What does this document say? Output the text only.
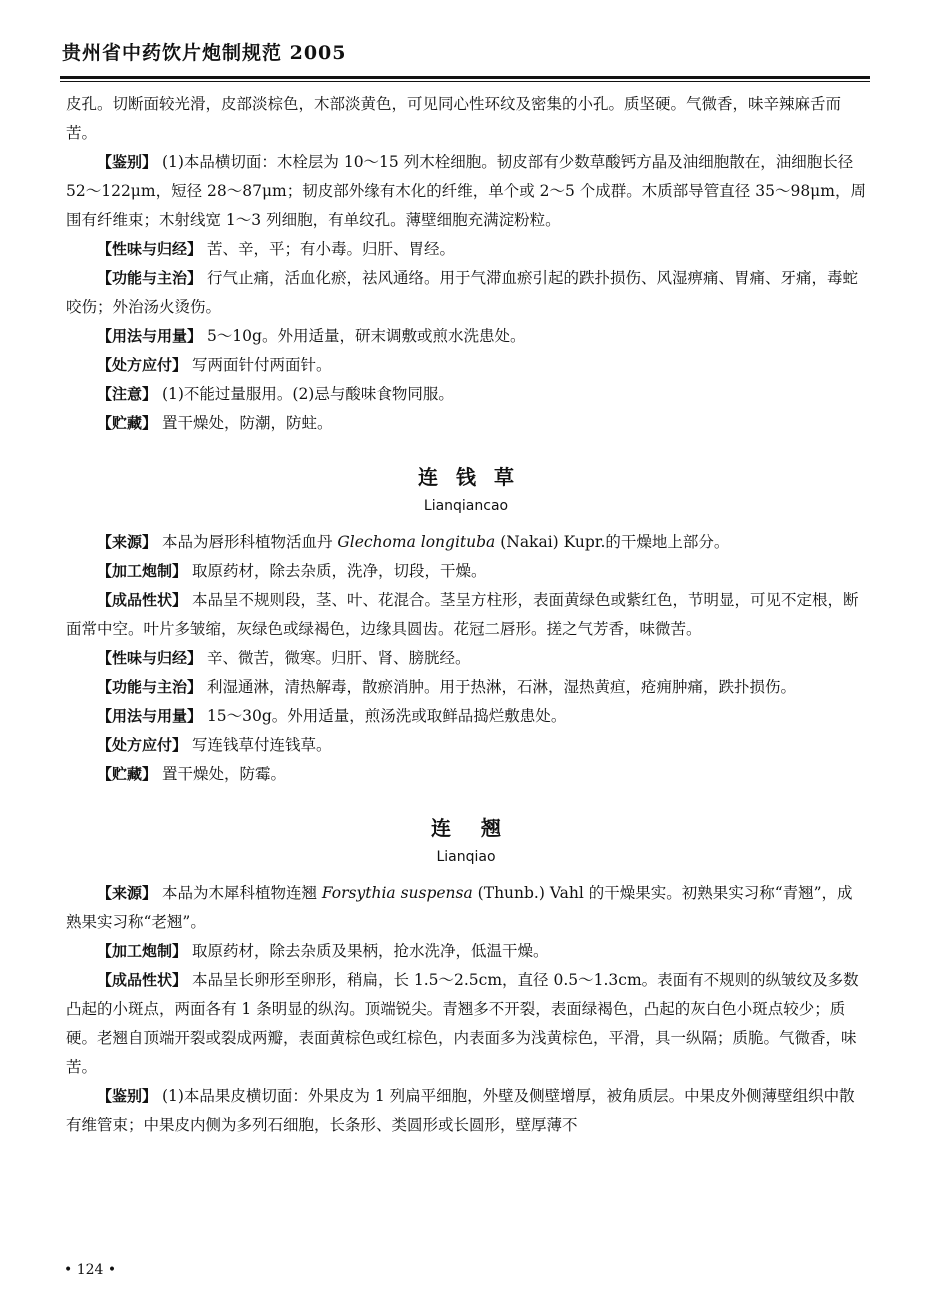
贵州省中药饮片炮制规范 2005

皮孔。切断面较光滑，皮部淡棕色，木部淡黄色，可见同心性环纹及密集的小孔。质坚硬。气微香，味辛辣麻舌而苦。

【鉴别】 (1)本品横切面：木栓层为 10～15 列木栓细胞。韧皮部有少数草酸钙方晶及油细胞散在，油细胞长径 52～122μm，短径 28～87μm；韧皮部外缘有木化的纤维，单个或 2～5 个成群。木质部导管直径 35～98μm，周围有纤维束；木射线宽 1～3 列细胞，有单纹孔。薄壁细胞充满淀粉粒。

【性味与归经】 苦、辛，平；有小毒。归肝、胃经。

【功能与主治】 行气止痛，活血化瘀，祛风通络。用于气滞血瘀引起的跌扑损伤、风湿痹痛、胃痛、牙痛，毒蛇咬伤；外治汤火烫伤。

【用法与用量】 5～10g。外用适量，研末调敷或煎水洗患处。

【处方应付】 写两面针付两面针。

【注意】 (1)不能过量服用。(2)忌与酸味食物同服。

【贮藏】 置干燥处，防潮，防蛀。

连钱草
Lianqiancao

【来源】 本品为唇形科植物活血丹 Glechoma longituba (Nakai) Kupr.的干燥地上部分。

【加工炮制】 取原药材，除去杂质，洗净，切段，干燥。

【成品性状】 本品呈不规则段，茎、叶、花混合。茎呈方柱形，表面黄绿色或紫红色，节明显，可见不定根，断面常中空。叶片多皱缩，灰绿色或绿褐色，边缘具圆齿。花冠二唇形。搓之气芳香，味微苦。

【性味与归经】 辛、微苦，微寒。归肝、肾、膀胱经。

【功能与主治】 利湿通淋，清热解毒，散瘀消肿。用于热淋，石淋，湿热黄疸，疮痈肿痛，跌扑损伤。

【用法与用量】 15～30g。外用适量，煎汤洗或取鲜品捣烂敷患处。

【处方应付】 写连钱草付连钱草。

【贮藏】 置干燥处，防霉。

连翘
Lianqiao

【来源】 本品为木犀科植物连翘 Forsythia suspensa (Thunb.) Vahl 的干燥果实。初熟果实习称“青翘”，成熟果实习称“老翘”。

【加工炮制】 取原药材，除去杂质及果柄，抢水洗净，低温干燥。

【成品性状】 本品呈长卵形至卵形，稍扁，长 1.5～2.5cm，直径 0.5～1.3cm。表面有不规则的纵皱纹及多数凸起的小斑点，两面各有 1 条明显的纵沟。顶端锐尖。青翘多不开裂，表面绿褐色，凸起的灰白色小斑点较少；质硬。老翘自顶端开裂或裂成两瓣，表面黄棕色或红棕色，内表面多为浅黄棕色，平滑，具一纵隔；质脆。气微香，味苦。

【鉴别】 (1)本品果皮横切面：外果皮为 1 列扁平细胞，外壁及侧壁增厚，被角质层。中果皮外侧薄壁组织中散有维管束；中果皮内侧为多列石细胞，长条形、类圆形或长圆形，壁厚薄不

• 124 •
